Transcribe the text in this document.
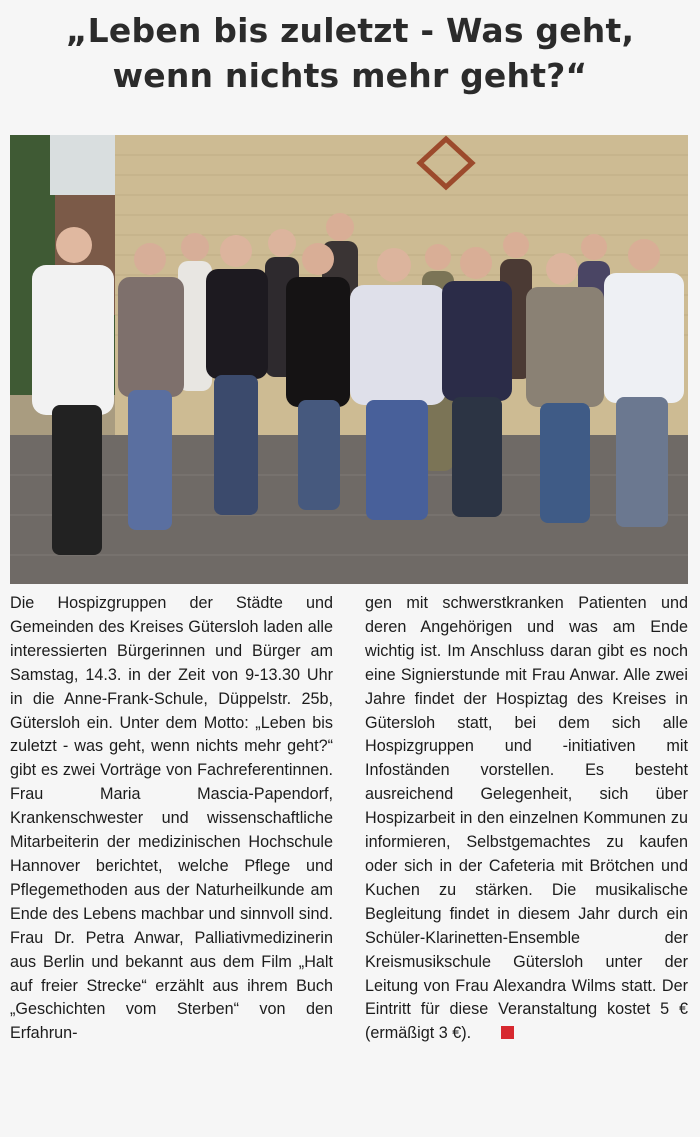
„Leben bis zuletzt - Was geht,
wenn nichts mehr geht?“

Die Hospizgruppen der Städte und Gemeinden des Kreises Gütersloh laden alle interessierten Bürgerinnen und Bürger am Samstag, 14.3. in der Zeit von 9-13.30 Uhr in die Anne-Frank-Schule, Düppelstr. 25b, Gütersloh ein. Unter dem Motto: „Leben bis zuletzt - was geht, wenn nichts mehr geht?“ gibt es zwei Vorträge von Fachreferentinnen. Frau Maria Mascia-Papendorf, Krankenschwester und wissenschaftliche Mitarbeiterin der medizinischen Hochschule Hannover berichtet, welche Pflege und Pflegemethoden aus der Naturheilkunde am Ende des Lebens machbar und sinnvoll sind. Frau Dr. Petra Anwar, Palliativmedizinerin aus Berlin und bekannt aus dem Film „Halt auf freier Strecke“ erzählt aus ihrem Buch „Geschichten vom Sterben“ von den Erfahrun-

gen mit schwerstkranken Patienten und deren Angehörigen und was am Ende wichtig ist. Im Anschluss daran gibt es noch eine Signierstunde mit Frau Anwar. Alle zwei Jahre findet der Hospiztag des Kreises in Gütersloh statt, bei dem sich alle Hospizgruppen und -initiativen mit Infoständen vorstellen. Es besteht ausreichend Gelegenheit, sich über Hospizarbeit in den einzelnen Kommunen zu informieren, Selbstgemachtes zu kaufen oder sich in der Cafeteria mit Brötchen und Kuchen zu stärken. Die musikalische Begleitung findet in diesem Jahr durch ein Schüler-Klarinetten-Ensemble der Kreismusikschule Gütersloh unter der Leitung von Frau Alexandra Wilms statt. Der Eintritt für diese Veranstaltung kostet 5 € (ermäßigt 3 €).
